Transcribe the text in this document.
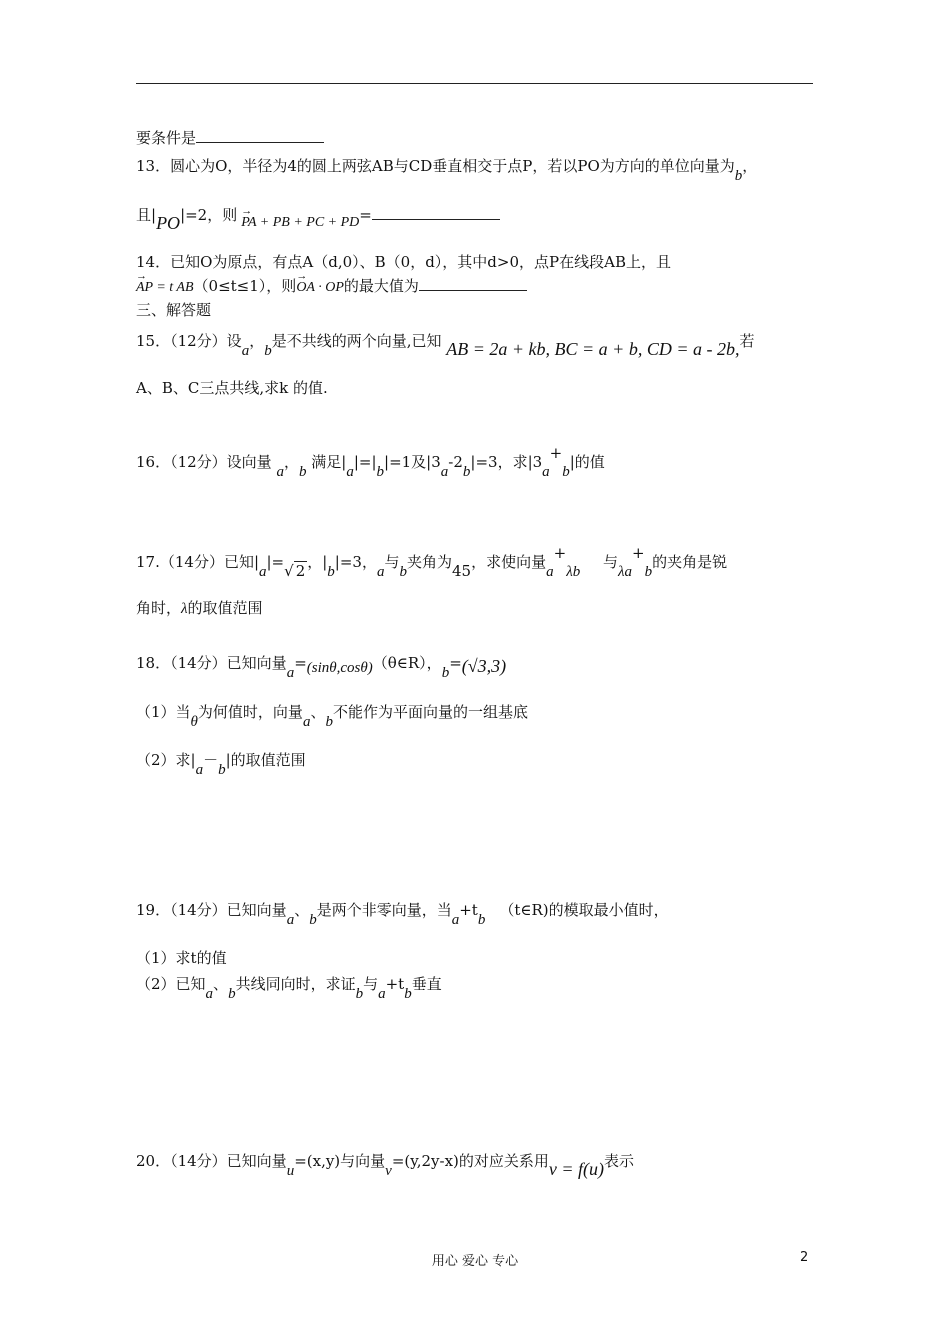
要条件是
13．圆心为O，半径为4的圆上两弦AB与CD垂直相交于点P，若以PO为方向的单位向量为b，
且|PO|=2，则→ PA + PB + PC + PD=
14．已知O为原点，有点A（d,0）、B（0，d），其中d>0，点P在线段AB上，且
→ AP = t AB（0≤t≤1），则→ OA · OP的最大值为
三、解答题
15．（12分）设a，b是不共线的两个向量,已知 AB = 2a + kb, BC = a + b, CD = a - 2b,若
A、B、C三点共线,求k 的值.
16．（12分）设向量 a，b 满足|a|=|b|=1及|3a-2b|=3，求|3a+b|的值
17.（14分）已知|a|=√ 2 ，|b|=3，a与b夹角为45，求使向量a+λb 与λa+b的夹角是锐
角时，λ的取值范围
18．（14分）已知向量a=(sinθ,cosθ)（θ∈R），b=(√3,3)
（1）当θ为何值时，向量a、b不能作为平面向量的一组基底
（2）求|a－b|的取值范围
19．（14分）已知向量a、b是两个非零向量，当a+tb（t∈R)的模取最小值时，
（1）求t的值
（2）已知a、b共线同向时，求证b与a+tb垂直
20．（14分）已知向量u=(x,y)与向量v=(y,2y-x)的对应关系用v = f(u)表示
用心 爱心 专心	2
